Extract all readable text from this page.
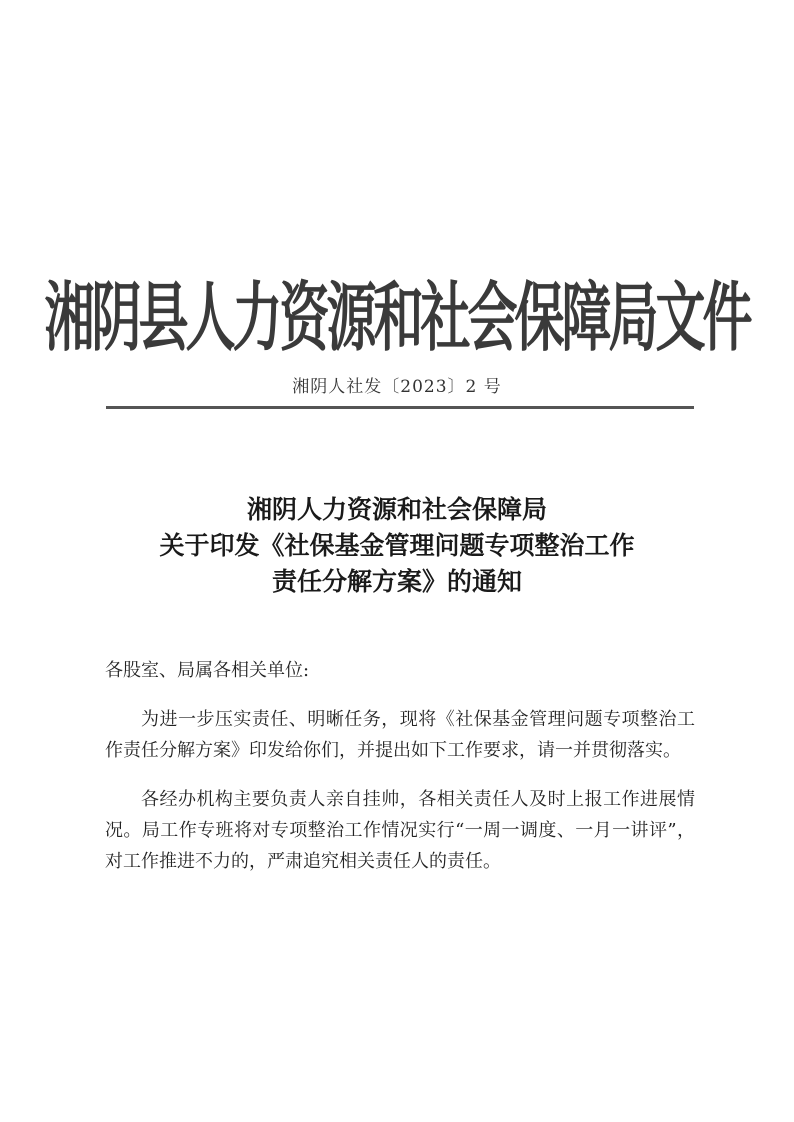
湘阴县人力资源和社会保障局文件
湘阴人社发〔2023〕2 号
湘阴人力资源和社会保障局
关于印发《社保基金管理问题专项整治工作
责任分解方案》的通知
各股室、局属各相关单位:

为进一步压实责任、明晰任务，现将《社保基金管理问题专项整治工作责任分解方案》印发给你们，并提出如下工作要求，请一并贯彻落实。

各经办机构主要负责人亲自挂帅，各相关责任人及时上报工作进展情况。局工作专班将对专项整治工作情况实行“一周一调度、一月一讲评”，对工作推进不力的，严肃追究相关责任人的责任。
